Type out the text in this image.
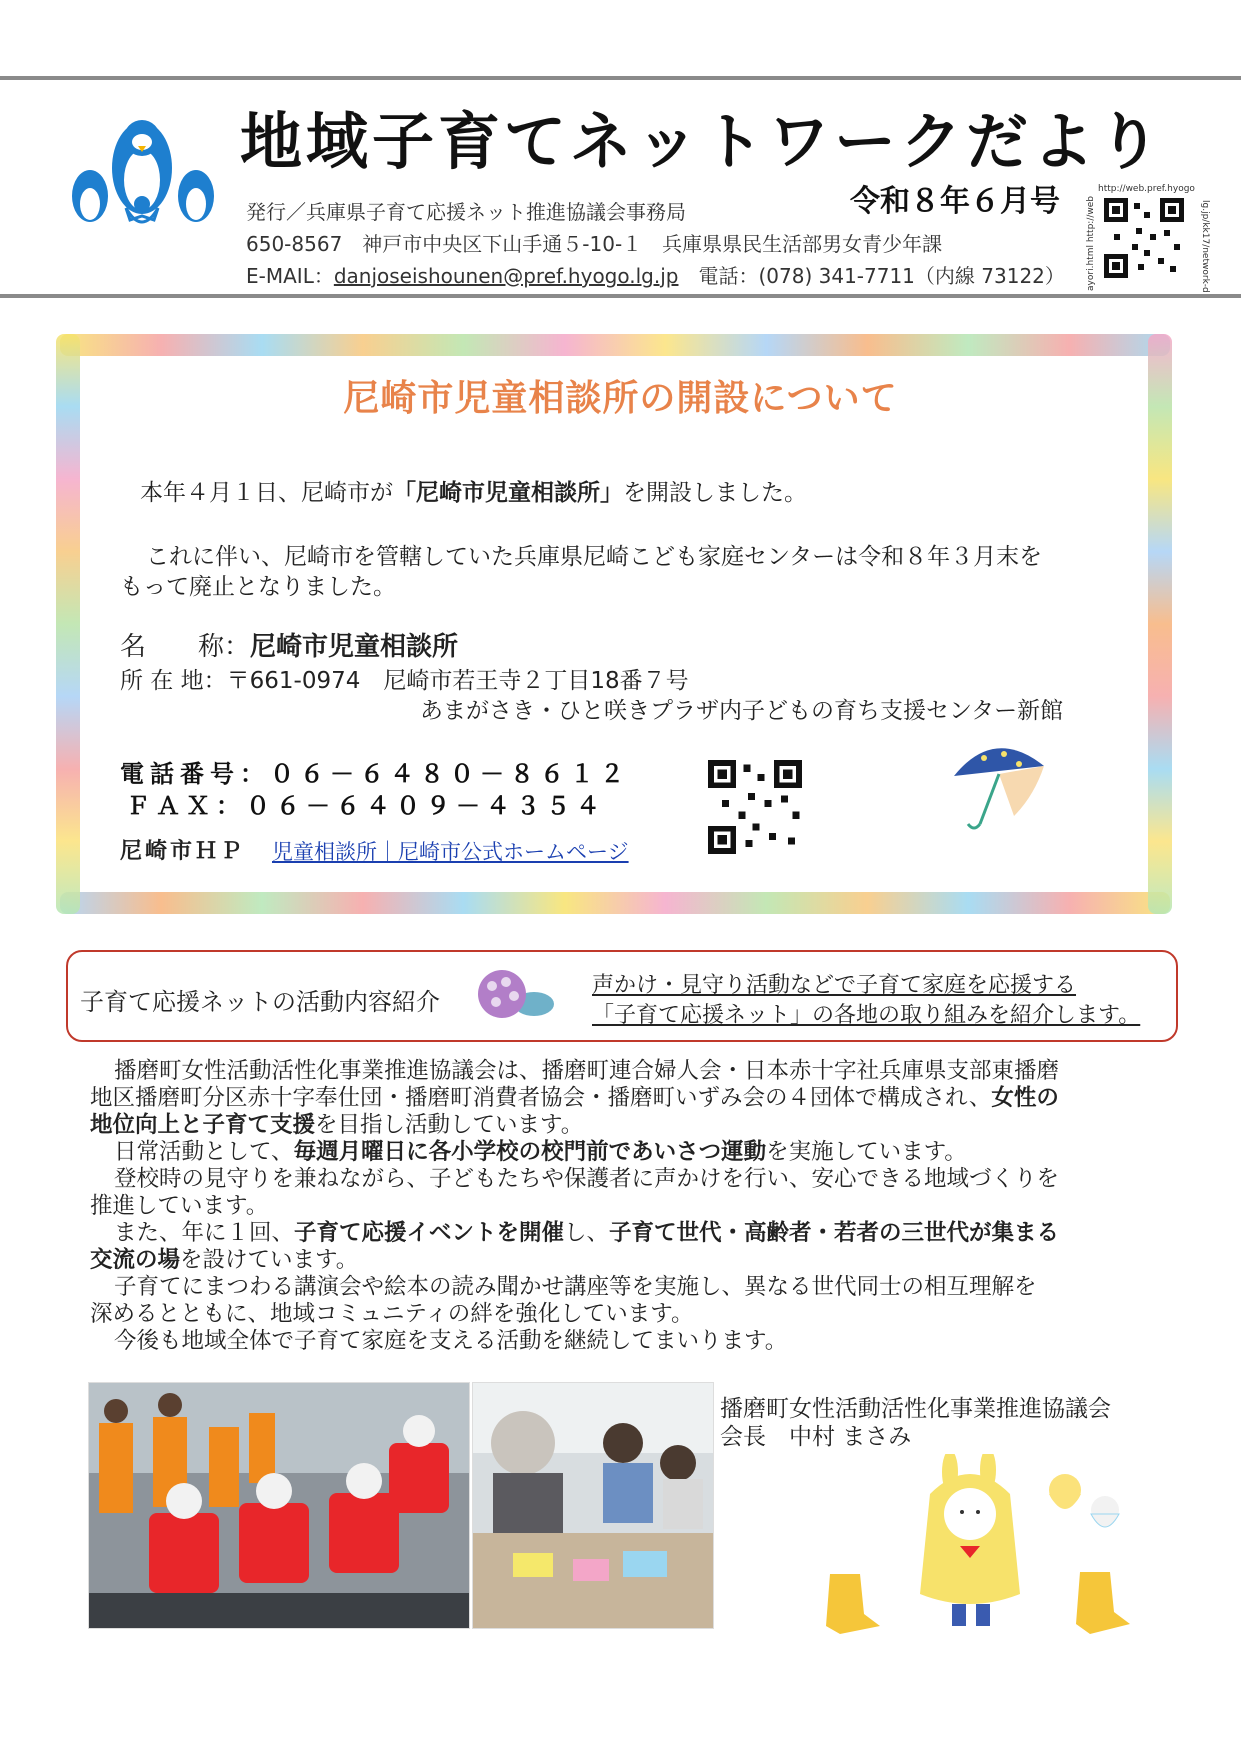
地域子育てネットワークだより
令和８年６月号
発行／兵庫県子育て応援ネット推進協議会事務局
650-8567　神戸市中央区下山手通５-10-１　兵庫県県民生活部男女青少年課
E-MAIL：danjoseishounen@pref.hyogo.lg.jp　 電話：(078) 341-7711（内線 73122）
http://web.pref.hyogo
lg.jp/kk17/network-d
ayori.html http://web
尼崎市児童相談所の開設について
本年４月１日、尼崎市が「尼崎市児童相談所」を開設しました。
これに伴い、尼崎市を管轄していた兵庫県尼崎こども家庭センターは令和８年３月末を
もって廃止となりました。
名　　称：尼崎市児童相談所
所 在 地：〒661-0974　尼崎市若王寺２丁目18番７号
あまがさき・ひと咲きプラザ内子どもの育ち支援センター新館
電話番号：０６－６４８０－８６１２
ＦＡＸ：０６－６４０９－４３５４
尼崎市ＨＰ 児童相談所｜尼崎市公式ホームページ
子育て応援ネットの活動内容紹介
声かけ・見守り活動などで子育て家庭を応援する
「子育て応援ネット」の各地の取り組みを紹介します。
播磨町女性活動活性化事業推進協議会は、播磨町連合婦人会・日本赤十字社兵庫県支部東播磨
地区播磨町分区赤十字奉仕団・播磨町消費者協会・播磨町いずみ会の４団体で構成され、女性の
地位向上と子育て支援を目指し活動しています。
日常活動として、毎週月曜日に各小学校の校門前であいさつ運動を実施しています。
登校時の見守りを兼ねながら、子どもたちや保護者に声かけを行い、安心できる地域づくりを
推進しています。
また、年に１回、子育て応援イベントを開催し、子育て世代・高齢者・若者の三世代が集まる
交流の場を設けています。
子育てにまつわる講演会や絵本の読み聞かせ講座等を実施し、異なる世代同士の相互理解を
深めるとともに、地域コミュニティの絆を強化しています。
今後も地域全体で子育て家庭を支える活動を継続してまいります。
播磨町女性活動活性化事業推進協議会
会長　中村 まさみ
